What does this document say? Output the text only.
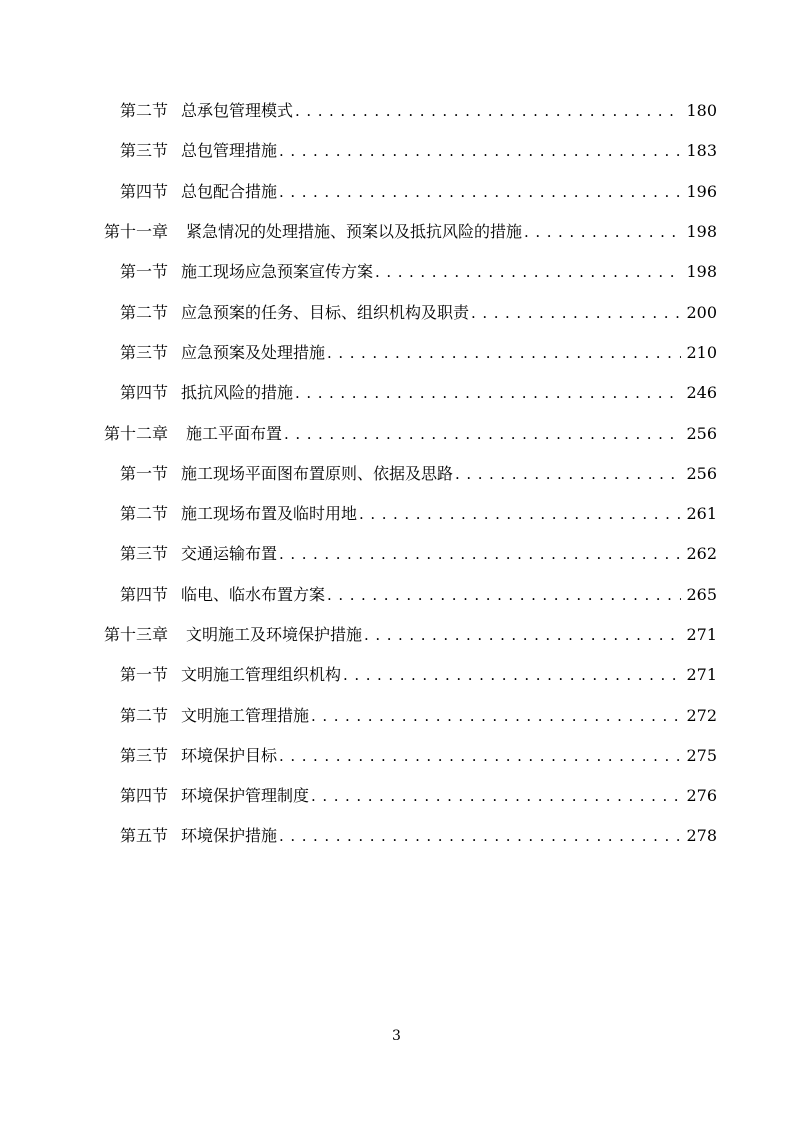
第二节 总承包管理模式 . . .	180
第三节 总包管理措施 . . .	183
第四节 总包配合措施 . . .	196
第十一章 紧急情况的处理措施、预案以及抵抗风险的措施 . . .	198
第一节 施工现场应急预案宣传方案 . . .	198
第二节 应急预案的任务、目标、组织机构及职责 . . .	200
第三节 应急预案及处理措施 . . .	210
第四节 抵抗风险的措施 . . .	246
第十二章 施工平面布置 . . .	256
第一节 施工现场平面图布置原则、依据及思路 . . .	256
第二节 施工现场布置及临时用地 . . .	261
第三节 交通运输布置 . . .	262
第四节 临电、临水布置方案 . . .	265
第十三章 文明施工及环境保护措施 . . .	271
第一节 文明施工管理组织机构 . . .	271
第二节 文明施工管理措施 . . .	272
第三节 环境保护目标 . . .	275
第四节 环境保护管理制度 . . .	276
第五节 环境保护措施 . . .	278
3
